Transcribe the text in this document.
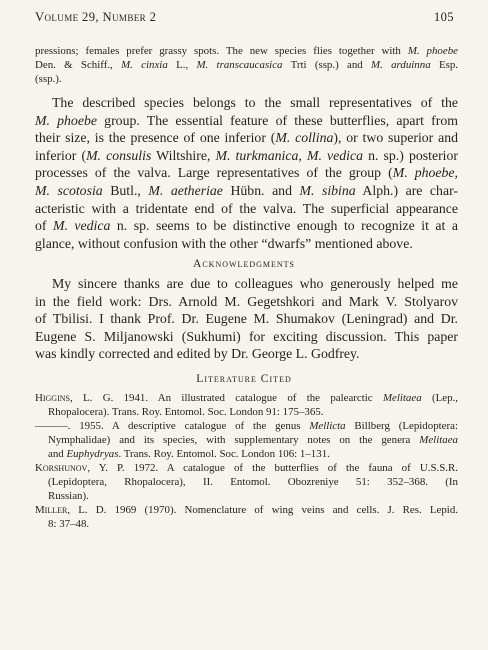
Volume 29, Number 2	105
pressions; females prefer grassy spots. The new species flies together with M. phoebe
Den. & Schiff., M. cinxia L., M. transcaucasica Trti (ssp.) and M. arduinna Esp.
(ssp.).
The described species belongs to the small representatives of the
M. phoebe group. The essential feature of these butterflies, apart from
their size, is the presence of one inferior (M. collina), or two superior and
inferior (M. consulis Wiltshire, M. turkmanica, M. vedica n. sp.) posterior
processes of the valva. Large representatives of the group (M. phoebe,
M. scotosia Butl., M. aetheriae Hübn. and M. sibina Alph.) are char-
acteristic with a tridentate end of the valva. The superficial appearance
of M. vedica n. sp. seems to be distinctive enough to recognize it at a
glance, without confusion with the other “dwarfs” mentioned above.
Acknowledgments
My sincere thanks are due to colleagues who generously helped me
in the field work: Drs. Arnold M. Gegetshkori and Mark V. Stolyarov
of Tbilisi. I thank Prof. Dr. Eugene M. Shumakov (Leningrad) and Dr.
Eugene S. Miljanowski (Sukhumi) for exciting discussion. This paper
was kindly corrected and edited by Dr. George L. Godfrey.
Literature Cited
Higgins, L. G. 1941. An illustrated catalogue of the palearctic Melitaea (Lep.,
Rhopalocera). Trans. Roy. Entomol. Soc. London 91: 175–365.
———. 1955. A descriptive catalogue of the genus Mellicta Billberg (Lepidoptera:
Nymphalidae) and its species, with supplementary notes on the genera Melitaea
and Euphydryas. Trans. Roy. Entomol. Soc. London 106: 1–131.
Korshunov, Y. P. 1972. A catalogue of the butterflies of the fauna of U.S.S.R.
(Lepidoptera, Rhopalocera), II. Entomol. Obozreniye 51: 352–368. (In
Russian).
Miller, L. D. 1969 (1970). Nomenclature of wing veins and cells. J. Res. Lepid.
8: 37–48.
